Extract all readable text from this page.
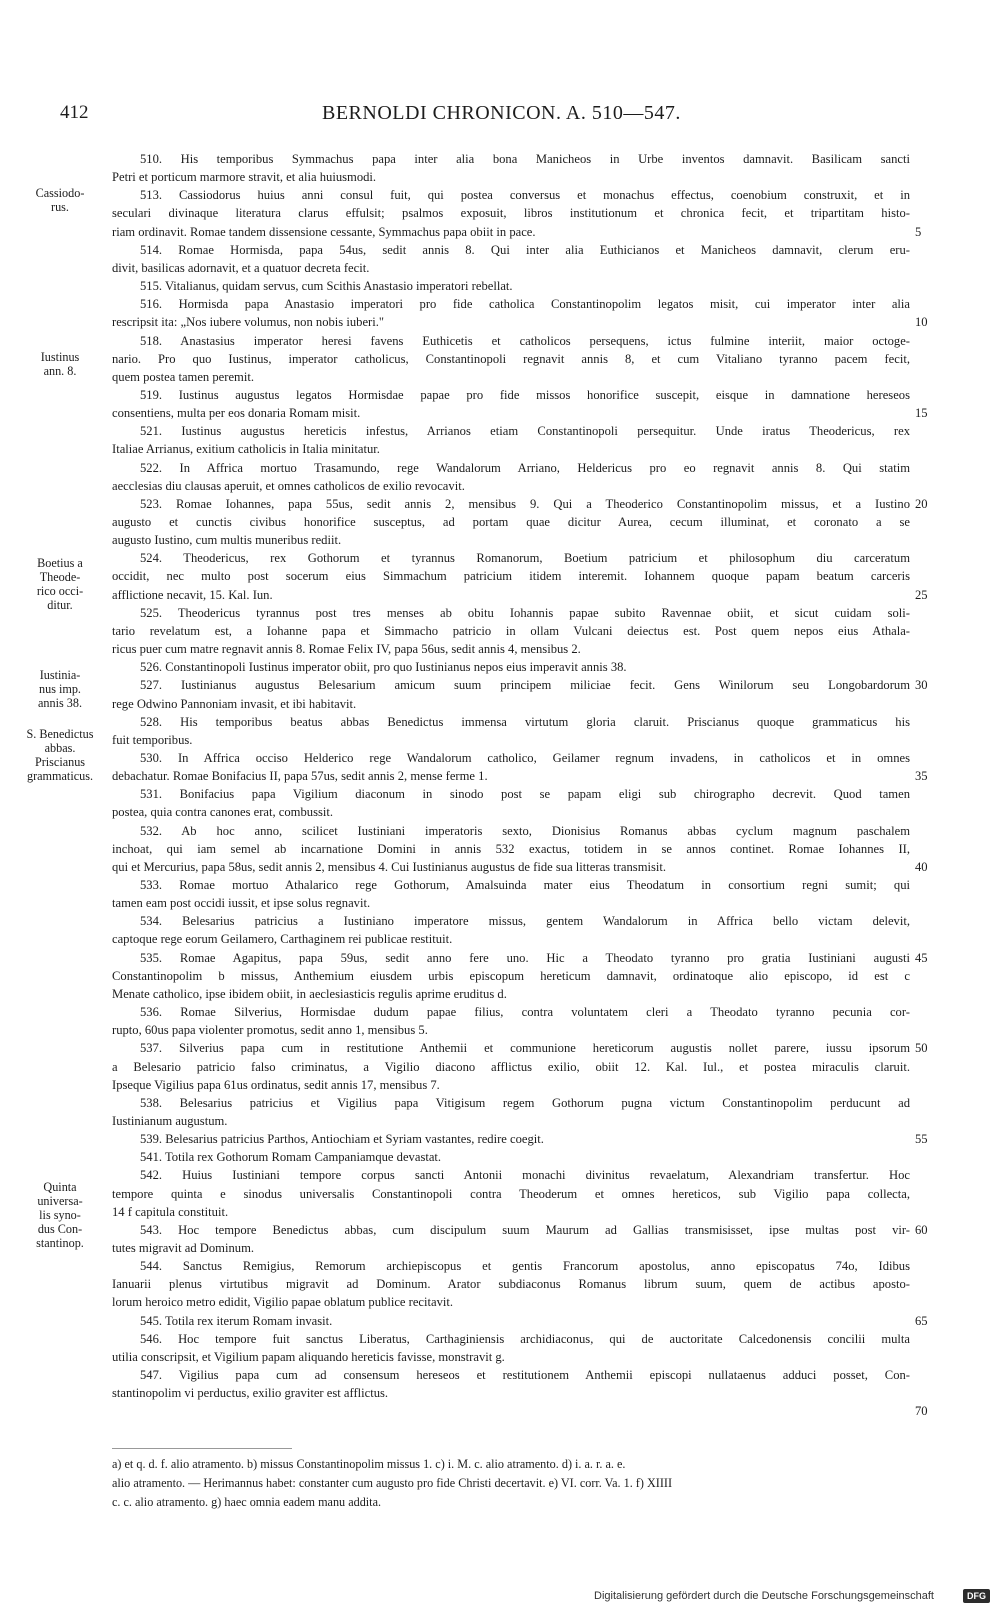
412	BERNOLDI CHRONICON. A. 510—547.
Cassiodo-
rus.
Iustinus
ann. 8.
Boetius a
Theode-
rico occi-
ditur.
Iustinia-
nus imp.
annis 38.
S. Benedictus
abbas.
Priscianus
grammaticus.
Quinta
universa-
lis syno-
dus Con-
stantinop.
5
10
15
20
25
30
35
40
45
50
55
60
65
70
a) et q. d. f. alio atramento. b) missus Constantinopolim missus 1. c) i. M. c. alio atramento. d) i. a. r. a. e.
alio atramento. — Herimannus habet: constanter cum augusto pro fide Christi decertavit. e) VI. corr. Va. 1. f) XIIII
c. c. alio atramento. g) haec omnia eadem manu addita.
Digitalisierung gefördert durch die Deutsche Forschungsgemeinschaft	DFG
510. His temporibus Symmachus papa inter alia bona Manicheos in Urbe inventos damnavit. Basilicam sancti
Petri et porticum marmore stravit, et alia huiusmodi.
513. Cassiodorus huius anni consul fuit, qui postea conversus et monachus effectus, coenobium construxit, et in
seculari divinaque literatura clarus effulsit; psalmos exposuit, libros institutionum et chronica fecit, et tripartitam histo-
riam ordinavit. Romae tandem dissensione cessante, Symmachus papa obiit in pace.
514. Romae Hormisda, papa 54us, sedit annis 8. Qui inter alia Euthicianos et Manicheos damnavit, clerum eru-
divit, basilicas adornavit, et a quatuor decreta fecit.
515. Vitalianus, quidam servus, cum Scithis Anastasio imperatori rebellat.
516. Hormisda papa Anastasio imperatori pro fide catholica Constantinopolim legatos misit, cui imperator inter alia
rescripsit ita: „Nos iubere volumus, non nobis iuberi."
518. Anastasius imperator heresi favens Euthicetis et catholicos persequens, ictus fulmine interiit, maior octoge-
nario. Pro quo Iustinus, imperator catholicus, Constantinopoli regnavit annis 8, et cum Vitaliano tyranno pacem fecit,
quem postea tamen peremit.
519. Iustinus augustus legatos Hormisdae papae pro fide missos honorifice suscepit, eisque in damnatione hereseos
consentiens, multa per eos donaria Romam misit.
521. Iustinus augustus hereticis infestus, Arrianos etiam Constantinopoli persequitur. Unde iratus Theodericus, rex
Italiae Arrianus, exitium catholicis in Italia minitatur.
522. In Affrica mortuo Trasamundo, rege Wandalorum Arriano, Heldericus pro eo regnavit annis 8. Qui statim
aecclesias diu clausas aperuit, et omnes catholicos de exilio revocavit.
523. Romae Iohannes, papa 55us, sedit annis 2, mensibus 9. Qui a Theoderico Constantinopolim missus, et a Iustino
augusto et cunctis civibus honorifice susceptus, ad portam quae dicitur Aurea, cecum illuminat, et coronato a se
augusto Iustino, cum multis muneribus rediit.
524. Theodericus, rex Gothorum et tyrannus Romanorum, Boetium patricium et philosophum diu carceratum
occidit, nec multo post socerum eius Simmachum patricium itidem interemit. Iohannem quoque papam beatum carceris
afflictione necavit, 15. Kal. Iun.
525. Theodericus tyrannus post tres menses ab obitu Iohannis papae subito Ravennae obiit, et sicut cuidam soli-
tario revelatum est, a Iohanne papa et Simmacho patricio in ollam Vulcani deiectus est. Post quem nepos eius Athala-
ricus puer cum matre regnavit annis 8. Romae Felix IV, papa 56us, sedit annis 4, mensibus 2.
526. Constantinopoli Iustinus imperator obiit, pro quo Iustinianus nepos eius imperavit annis 38.
527. Iustinianus augustus Belesarium amicum suum principem miliciae fecit. Gens Winilorum seu Longobardorum
rege Odwino Pannoniam invasit, et ibi habitavit.
528. His temporibus beatus abbas Benedictus immensa virtutum gloria claruit. Priscianus quoque grammaticus his
fuit temporibus.
530. In Affrica occiso Helderico rege Wandalorum catholico, Geilamer regnum invadens, in catholicos et in omnes
debachatur. Romae Bonifacius II, papa 57us, sedit annis 2, mense ferme 1.
531. Bonifacius papa Vigilium diaconum in sinodo post se papam eligi sub chirographo decrevit. Quod tamen
postea, quia contra canones erat, combussit.
532. Ab hoc anno, scilicet Iustiniani imperatoris sexto, Dionisius Romanus abbas cyclum magnum paschalem
inchoat, qui iam semel ab incarnatione Domini in annis 532 exactus, totidem in se annos continet. Romae Iohannes II,
qui et Mercurius, papa 58us, sedit annis 2, mensibus 4. Cui Iustinianus augustus de fide sua litteras transmisit.
533. Romae mortuo Athalarico rege Gothorum, Amalsuinda mater eius Theodatum in consortium regni sumit; qui
tamen eam post occidi iussit, et ipse solus regnavit.
534. Belesarius patricius a Iustiniano imperatore missus, gentem Wandalorum in Affrica bello victam delevit,
captoque rege eorum Geilamero, Carthaginem rei publicae restituit.
535. Romae Agapitus, papa 59us, sedit anno fere uno. Hic a Theodato tyranno pro gratia Iustiniani augusti
Constantinopolim b missus, Anthemium eiusdem urbis episcopum hereticum damnavit, ordinatoque alio episcopo, id est c
Menate catholico, ipse ibidem obiit, in aeclesiasticis regulis aprime eruditus d.
536. Romae Silverius, Hormisdae dudum papae filius, contra voluntatem cleri a Theodato tyranno pecunia cor-
rupto, 60us papa violenter promotus, sedit anno 1, mensibus 5.
537. Silverius papa cum in restitutione Anthemii et communione hereticorum augustis nollet parere, iussu ipsorum
a Belesario patricio falso criminatus, a Vigilio diacono afflictus exilio, obiit 12. Kal. Iul., et postea miraculis claruit.
Ipseque Vigilius papa 61us ordinatus, sedit annis 17, mensibus 7.
538. Belesarius patricius et Vigilius papa Vitigisum regem Gothorum pugna victum Constantinopolim perducunt ad
Iustinianum augustum.
539. Belesarius patricius Parthos, Antiochiam et Syriam vastantes, redire coegit.
541. Totila rex Gothorum Romam Campaniamque devastat.
542. Huius Iustiniani tempore corpus sancti Antonii monachi divinitus revaelatum, Alexandriam transfertur. Hoc
tempore quinta e sinodus universalis Constantinopoli contra Theoderum et omnes hereticos, sub Vigilio papa collecta,
14 f capitula constituit.
543. Hoc tempore Benedictus abbas, cum discipulum suum Maurum ad Gallias transmisisset, ipse multas post vir-
tutes migravit ad Dominum.
544. Sanctus Remigius, Remorum archiepiscopus et gentis Francorum apostolus, anno episcopatus 74o, Idibus
Ianuarii plenus virtutibus migravit ad Dominum. Arator subdiaconus Romanus librum suum, quem de actibus aposto-
lorum heroico metro edidit, Vigilio papae oblatum publice recitavit.
545. Totila rex iterum Romam invasit.
546. Hoc tempore fuit sanctus Liberatus, Carthaginiensis archidiaconus, qui de auctoritate Calcedonensis concilii multa
utilia conscripsit, et Vigilium papam aliquando hereticis favisse, monstravit g.
547. Vigilius papa cum ad consensum hereseos et restitutionem Anthemii episcopi nullataenus adduci posset, Con-
stantinopolim vi perductus, exilio graviter est afflictus.
